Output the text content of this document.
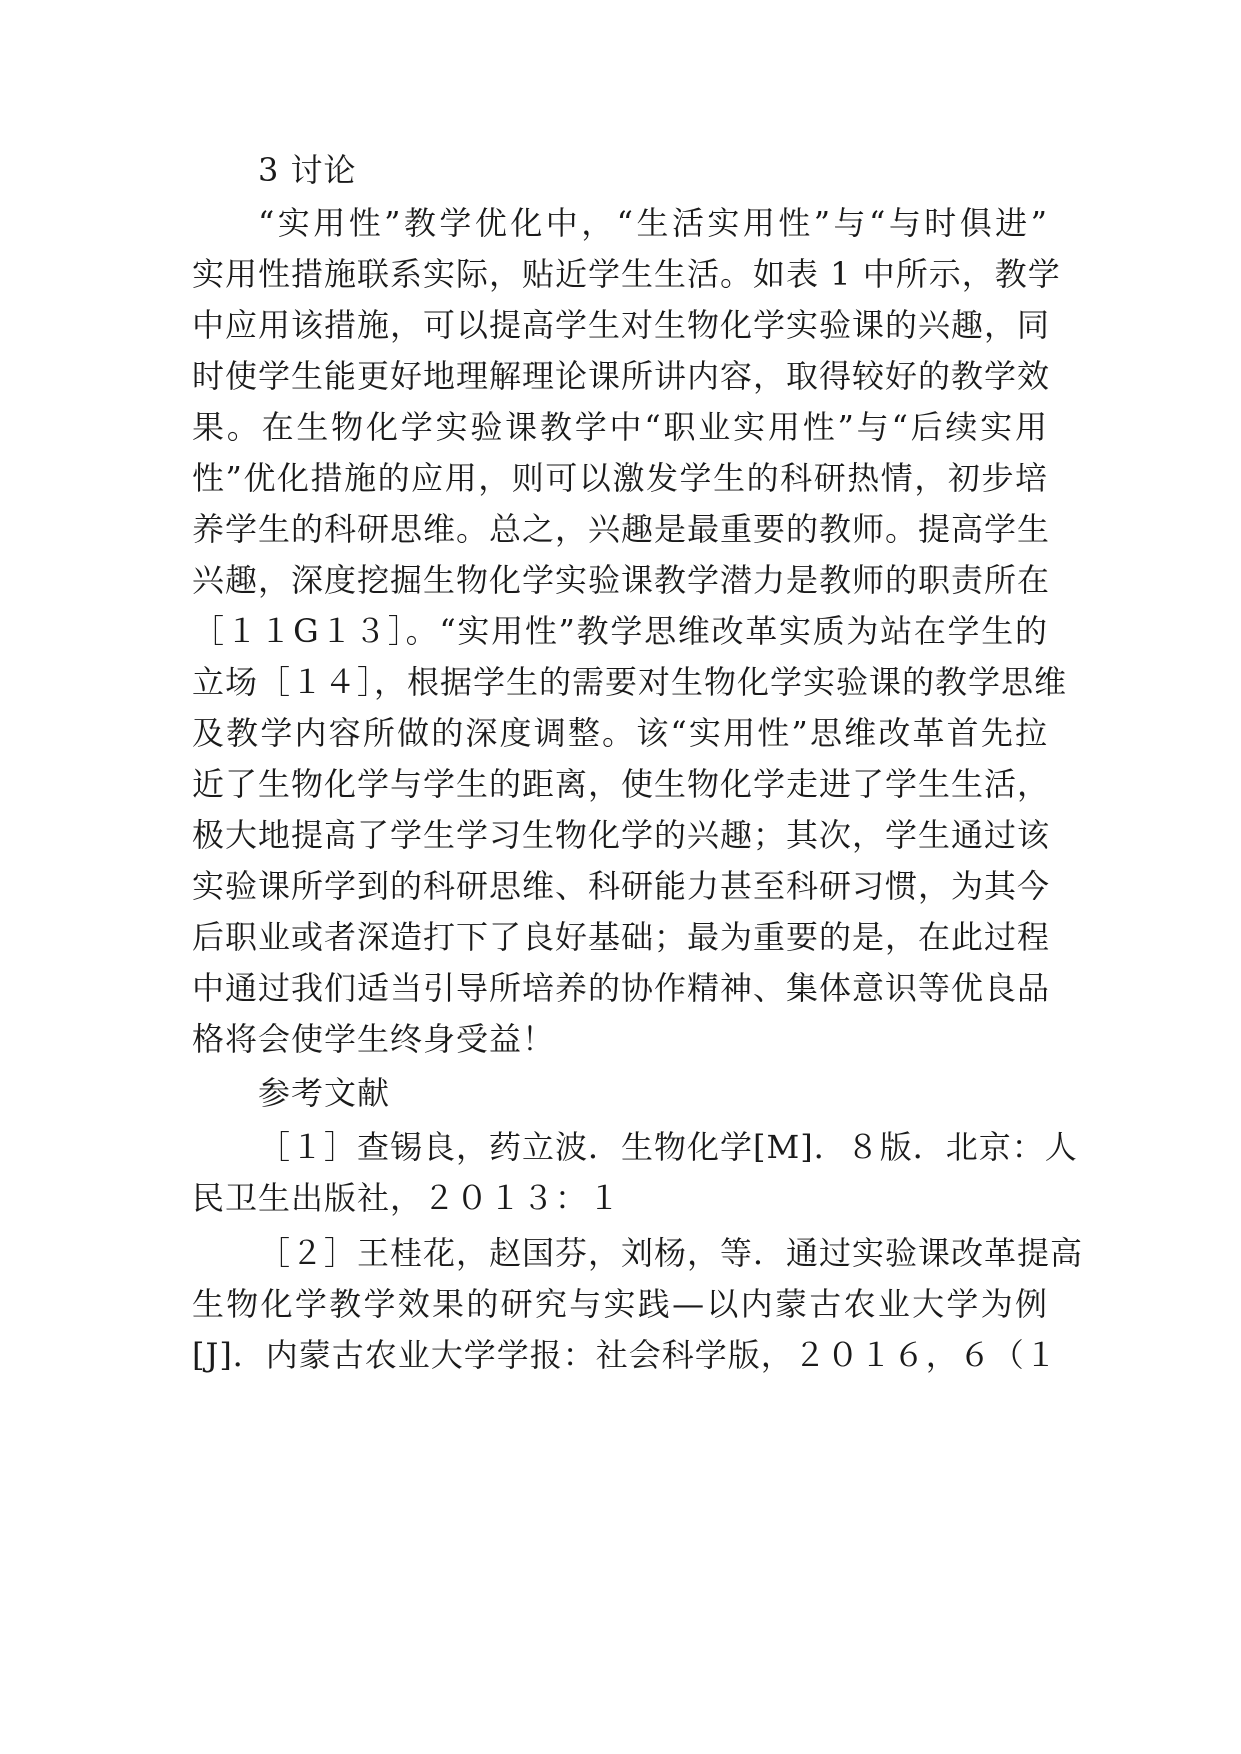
3 讨论

“实用性”教学优化中，“生活实用性”与“与时俱进”

实用性措施联系实际，贴近学生生活。如表 1 中所示，教学

中应用该措施，可以提高学生对生物化学实验课的兴趣，同

时使学生能更好地理解理论课所讲内容，取得较好的教学效

果。在生物化学实验课教学中“职业实用性”与“后续实用

性”优化措施的应用，则可以激发学生的科研热情，初步培

养学生的科研思维。总之，兴趣是最重要的教师。提高学生

兴趣，深度挖掘生物化学实验课教学潜力是教师的职责所在

［１１G１３］。“实用性”教学思维改革实质为站在学生的

立场［１４］，根据学生的需要对生物化学实验课的教学思维

及教学内容所做的深度调整。该“实用性”思维改革首先拉

近了生物化学与学生的距离，使生物化学走进了学生生活，

极大地提高了学生学习生物化学的兴趣；其次，学生通过该

实验课所学到的科研思维、科研能力甚至科研习惯，为其今

后职业或者深造打下了良好基础；最为重要的是，在此过程

中通过我们适当引导所培养的协作精神、集体意识等优良品

格将会使学生终身受益！

参考文献

［１］查锡良，药立波．生物化学[M]．８版．北京：人

民卫生出版社，２０１３：１

［２］王桂花，赵国芬，刘杨，等．通过实验课改革提高

生物化学教学效果的研究与实践—以内蒙古农业大学为例

[J]．内蒙古农业大学学报：社会科学版，２０１６，６（１
